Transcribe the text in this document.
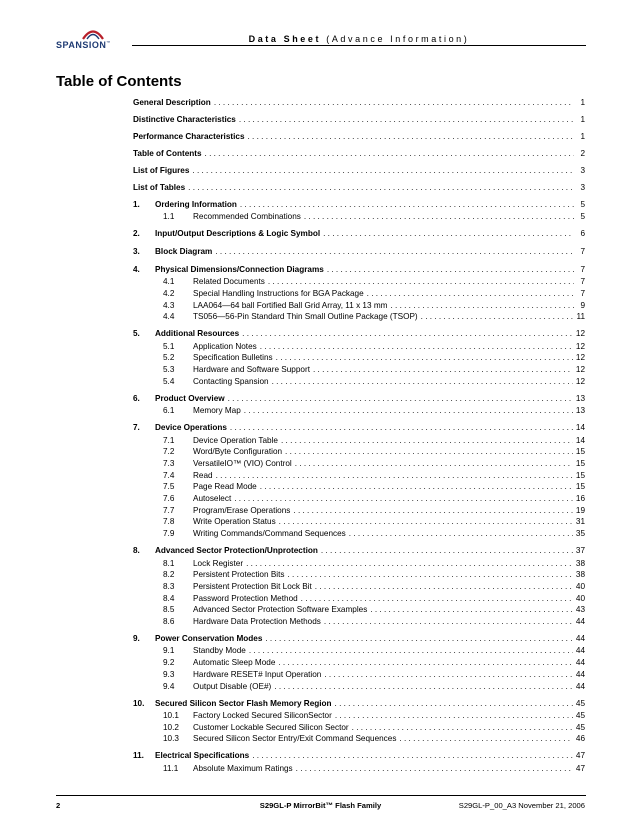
SPANSION™	Data Sheet (Advance Information)
Table of Contents
General Description . . .	1
Distinctive Characteristics . . .	1
Performance Characteristics . . .	1
Table of Contents . . .	2
List of Figures . . .	3
List of Tables . . .	3
1.	Ordering Information . . .	5
1.1	Recommended Combinations . . .	5
2.	Input/Output Descriptions & Logic Symbol . . .	6
3.	Block Diagram . . .	7
4.	Physical Dimensions/Connection Diagrams . . .	7
4.1	Related Documents . . .	7
4.2	Special Handling Instructions for BGA Package . . .	7
4.3	LAA064—64 ball Fortified Ball Grid Array, 11 x 13 mm . . .	9
4.4	TS056—56-Pin Standard Thin Small Outline Package (TSOP) . . .	11
5.	Additional Resources . . .	12
5.1	Application Notes . . .	12
5.2	Specification Bulletins . . .	12
5.3	Hardware and Software Support . . .	12
5.4	Contacting Spansion . . .	12
6.	Product Overview . . .	13
6.1	Memory Map . . .	13
7.	Device Operations . . .	14
7.1	Device Operation Table . . .	14
7.2	Word/Byte Configuration . . .	15
7.3	VersatileIO™ (VIO) Control . . .	15
7.4	Read . . .	15
7.5	Page Read Mode . . .	15
7.6	Autoselect . . .	16
7.7	Program/Erase Operations . . .	19
7.8	Write Operation Status . . .	31
7.9	Writing Commands/Command Sequences . . .	35
8.	Advanced Sector Protection/Unprotection . . .	37
8.1	Lock Register . . .	38
8.2	Persistent Protection Bits . . .	38
8.3	Persistent Protection Bit Lock Bit . . .	40
8.4	Password Protection Method . . .	40
8.5	Advanced Sector Protection Software Examples . . .	43
8.6	Hardware Data Protection Methods . . .	44
9.	Power Conservation Modes . . .	44
9.1	Standby Mode . . .	44
9.2	Automatic Sleep Mode . . .	44
9.3	Hardware RESET# Input Operation . . .	44
9.4	Output Disable (OE#) . . .	44
10.	Secured Silicon Sector Flash Memory Region . . .	45
10.1	Factory Locked Secured SiliconSector . . .	45
10.2	Customer Lockable Secured Silicon Sector . . .	45
10.3	Secured Silicon Sector Entry/Exit Command Sequences . . .	46
11.	Electrical Specifications . . .	47
11.1	Absolute Maximum Ratings . . .	47
2	S29GL-P MirrorBit™ Flash Family	S29GL-P_00_A3 November 21, 2006
